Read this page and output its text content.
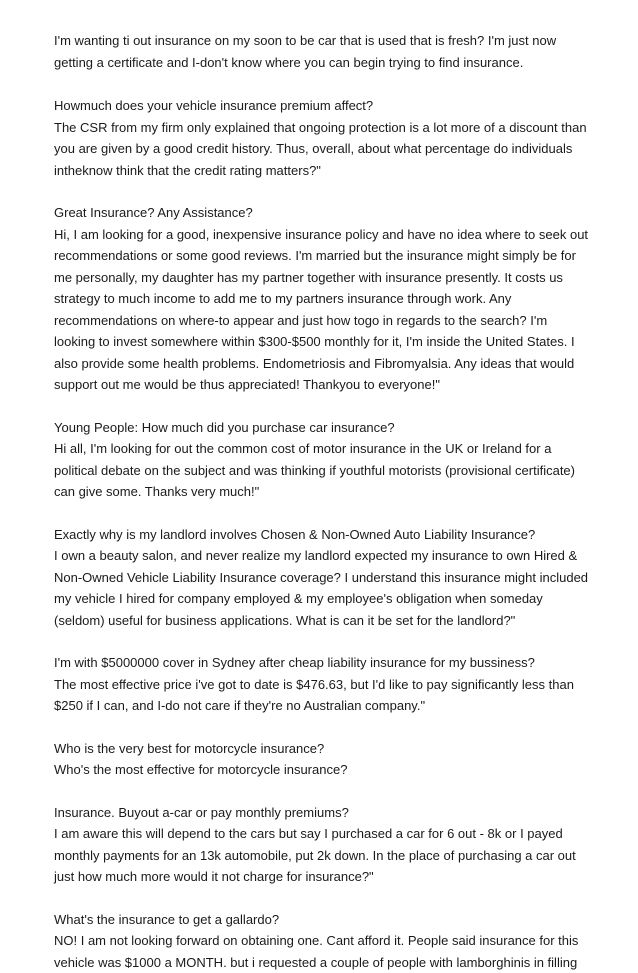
I'm wanting ti out insurance on my soon to be car that is used that is fresh? I'm just now
getting a certificate and I-don't know where you can begin trying to find insurance.
Howmuch does your vehicle insurance premium affect?
The CSR from my firm only explained that ongoing protection is a lot more of a discount than
you are given by a good credit history. Thus, overall, about what percentage do individuals
intheknow think that the credit rating matters?"
Great Insurance? Any Assistance?
Hi, I am looking for a good, inexpensive insurance policy and have no idea where to seek out
recommendations or some good reviews. I'm married but the insurance might simply be for
me personally, my daughter has my partner together with insurance presently. It costs us
strategy to much income to add me to my partners insurance through work. Any
recommendations on where-to appear and just how togo in regards to the search? I'm
looking to invest somewhere within $300-$500 monthly for it, I'm inside the United States. I
also provide some health problems. Endometriosis and Fibromyalsia. Any ideas that would
support out me would be thus appreciated! Thankyou to everyone!"
Young People: How much did you purchase car insurance?
Hi all, I'm looking for out the common cost of motor insurance in the UK or Ireland for a
political debate on the subject and was thinking if youthful motorists (provisional certificate)
can give some. Thanks very much!"
Exactly why is my landlord involves Chosen & Non-Owned Auto Liability Insurance?
I own a beauty salon, and never realize my landlord expected my insurance to own Hired &
Non-Owned Vehicle Liability Insurance coverage? I understand this insurance might included
my vehicle I hired for company employed & my employee's obligation when someday
(seldom) useful for business applications. What is can it be set for the landlord?"
I'm with $5000000 cover in Sydney after cheap liability insurance for my bussiness?
The most effective price i've got to date is $476.63, but I'd like to pay significantly less than
$250 if I can, and I-do not care if they're no Australian company."
Who is the very best for motorcycle insurance?
Who's the most effective for motorcycle insurance?
Insurance. Buyout a-car or pay monthly premiums?
I am aware this will depend to the cars but say I purchased a car for 6 out - 8k or I payed
monthly payments for an 13k automobile, put 2k down. In the place of purchasing a car out
just how much more would it not charge for insurance?"
What's the insurance to get a gallardo?
NO! I am not looking forward on obtaining one. Cant afford it. People said insurance for this
vehicle was $1000 a MONTH. but i requested a couple of people with lamborghinis in filling
